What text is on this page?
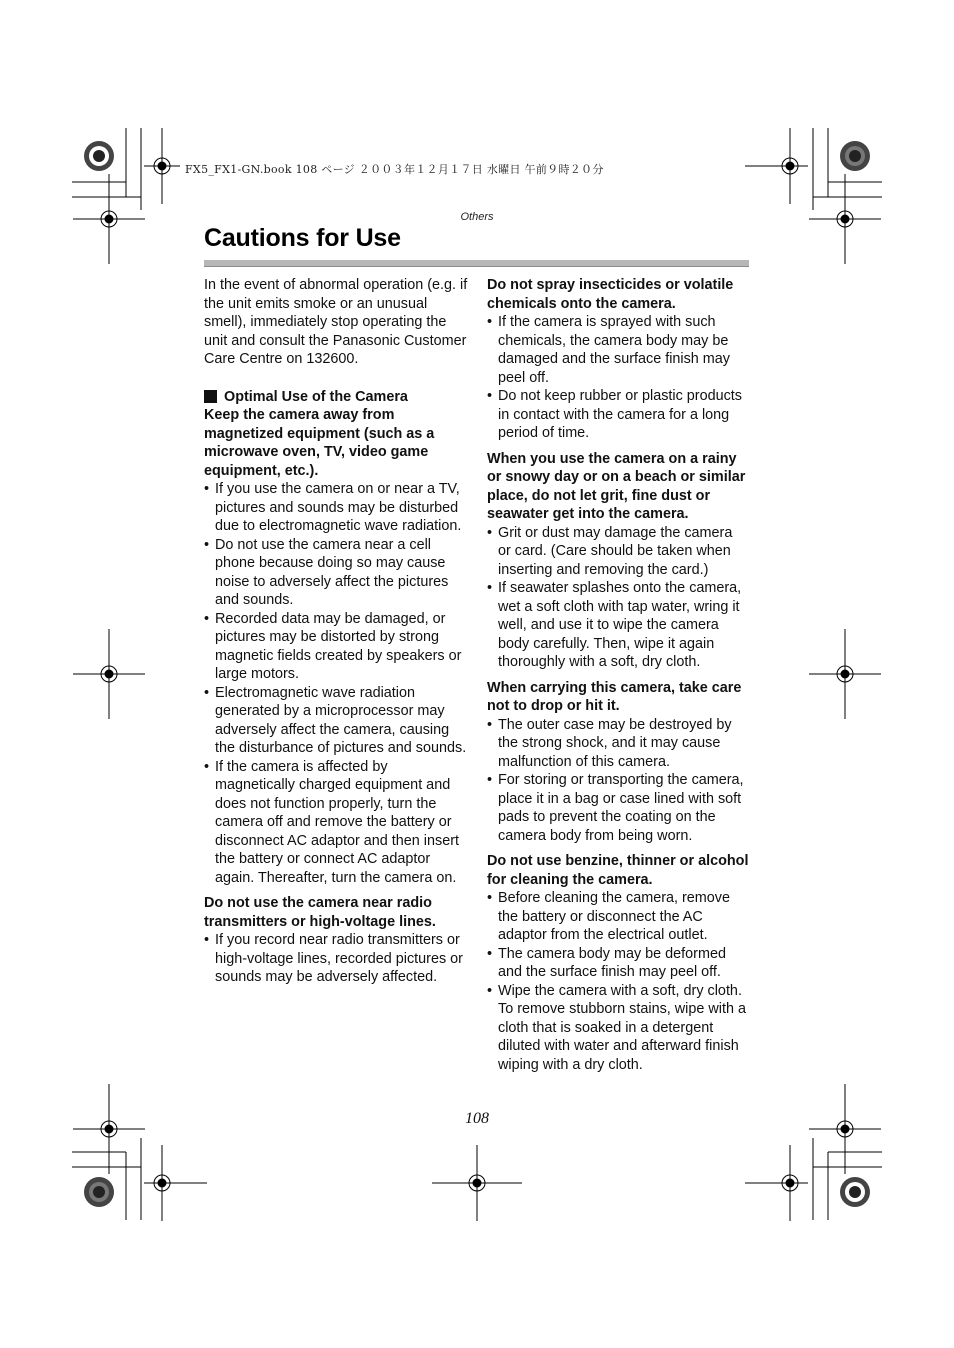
FX5_FX1-GN.book 108 ページ ２００３年１２月１７日 水曜日 午前９時２０分
Others
Cautions for Use

In the event of abnormal operation (e.g. if the unit emits smoke or an unusual smell), immediately stop operating the unit and consult the Panasonic Customer Care Centre on 132600.

Optimal Use of the Camera

Keep the camera away from magnetized equipment (such as a microwave oven, TV, video game equipment, etc.).

• If you use the camera on or near a TV, pictures and sounds may be disturbed due to electromagnetic wave radiation.
• Do not use the camera near a cell phone because doing so may cause noise to adversely affect the pictures and sounds.
• Recorded data may be damaged, or pictures may be distorted by strong magnetic fields created by speakers or large motors.
• Electromagnetic wave radiation generated by a microprocessor may adversely affect the camera, causing the disturbance of pictures and sounds.
• If the camera is affected by magnetically charged equipment and does not function properly, turn the camera off and remove the battery or disconnect AC adaptor and then insert the battery or connect AC adaptor again. Thereafter, turn the camera on.

Do not use the camera near radio transmitters or high-voltage lines.

• If you record near radio transmitters or high-voltage lines, recorded pictures or sounds may be adversely affected.

Do not spray insecticides or volatile chemicals onto the camera.

• If the camera is sprayed with such chemicals, the camera body may be damaged and the surface finish may peel off.
• Do not keep rubber or plastic products in contact with the camera for a long period of time.

When you use the camera on a rainy or snowy day or on a beach or similar place, do not let grit, fine dust or seawater get into the camera.

• Grit or dust may damage the camera or card. (Care should be taken when inserting and removing the card.)
• If seawater splashes onto the camera, wet a soft cloth with tap water, wring it well, and use it to wipe the camera body carefully. Then, wipe it again thoroughly with a soft, dry cloth.

When carrying this camera, take care not to drop or hit it.

• The outer case may be destroyed by the strong shock, and it may cause malfunction of this camera.
• For storing or transporting the camera, place it in a bag or case lined with soft pads to prevent the coating on the camera body from being worn.

Do not use benzine, thinner or alcohol for cleaning the camera.

• Before cleaning the camera, remove the battery or disconnect the AC adaptor from the electrical outlet.
• The camera body may be deformed and the surface finish may peel off.
• Wipe the camera with a soft, dry cloth. To remove stubborn stains, wipe with a cloth that is soaked in a detergent diluted with water and afterward finish wiping with a dry cloth.
108
